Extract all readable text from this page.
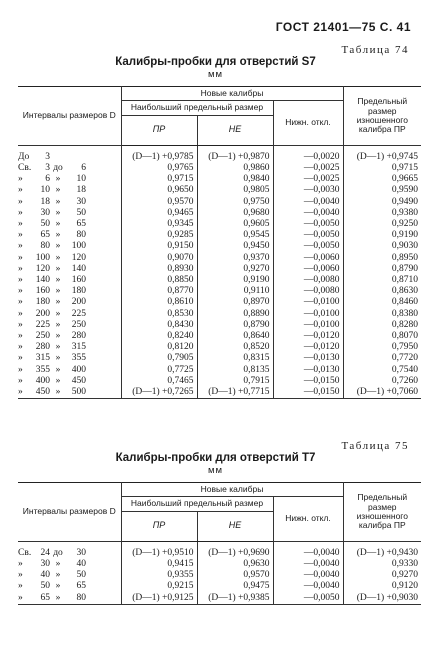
ГОСТ 21401—75 С. 41
Таблица 74
Калибры-пробки для отверстий S7
мм
Интервалы размеров D	Новые калибры			Предельный размер изношенного калибра ПР
	Наибольший предельный размер		Нижн. откл.	
	ПР	НЕ		
До 3	(D—1) +0,9785	(D—1) +0,9870	—0,0020	(D—1) +0,9745
Св. 3 до 6	0,9765	0,9860	—0,0025	0,9715
» 6 » 10	0,9715	0,9840	—0,0025	0,9665
» 10 » 18	0,9650	0,9805	—0,0030	0,9590
» 18 » 30	0,9570	0,9750	—0,0040	0,9490
» 30 » 50	0,9465	0,9680	—0,0040	0,9380
» 50 » 65	0,9345	0,9605	—0,0050	0,9250
» 65 » 80	0,9285	0,9545	—0,0050	0,9190
» 80 » 100	0,9150	0,9450	—0,0050	0,9030
» 100 » 120	0,9070	0,9370	—0,0060	0,8950
» 120 » 140	0,8930	0,9270	—0,0060	0,8790
» 140 » 160	0,8850	0,9190	—0,0080	0,8710
» 160 » 180	0,8770	0,9110	—0,0080	0,8630
» 180 » 200	0,8610	0,8970	—0,0100	0,8460
» 200 » 225	0,8530	0,8890	—0,0100	0,8380
» 225 » 250	0,8430	0,8790	—0,0100	0,8280
» 250 » 280	0,8240	0,8640	—0,0120	0,8070
» 280 » 315	0,8120	0,8520	—0,0120	0,7950
» 315 » 355	0,7905	0,8315	—0,0130	0,7720
» 355 » 400	0,7725	0,8135	—0,0130	0,7540
» 400 » 450	0,7465	0,7915	—0,0150	0,7260
» 450 » 500	(D—1) +0,7265	(D—1) +0,7715	—0,0150	(D—1) +0,7060
Таблица 75
Калибры-пробки для отверстий T7
мм
Интервалы размеров D	Новые калибры			Предельный размер изношенного калибра ПР
	Наибольший предельный размер		Нижн. откл.	
	ПР	НЕ		
Св. 24 до 30	(D—1) +0,9510	(D—1) +0,9690	—0,0040	(D—1) +0,9430
» 30 » 40	0,9415	0,9630	—0,0040	0,9330
» 40 » 50	0,9355	0,9570	—0,0040	0,9270
» 50 » 65	0,9215	0,9475	—0,0040	0,9120
» 65 » 80	(D—1) +0,9125	(D—1) +0,9385	—0,0050	(D—1) +0,9030
